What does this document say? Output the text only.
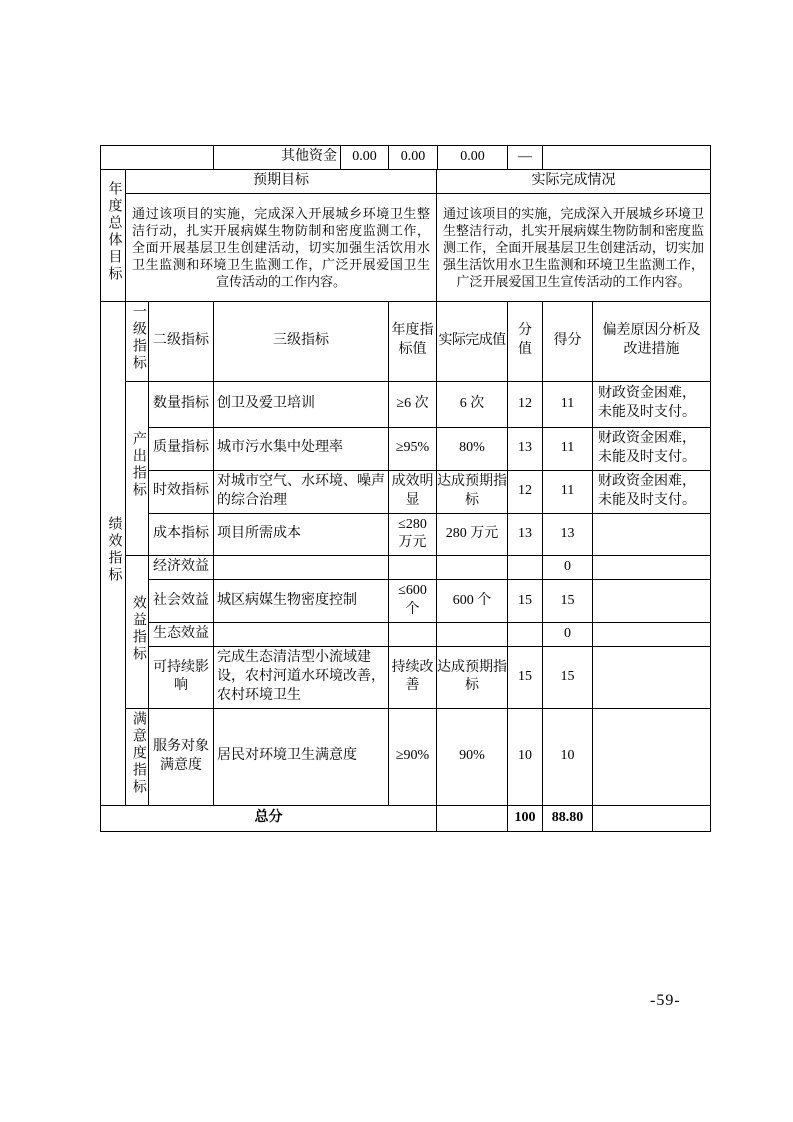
	其他资金	0.00	0.00	0.00	—	
年度总体目标	预期目标				实际完成情况			
	通过该项目的实施，完成深入开展城乡环境卫生整洁行动，扎实开展病媒生物防制和密度监测工作，全面开展基层卫生创建活动，切实加强生活饮用水卫生监测和环境卫生监测工作，广泛开展爱国卫生宣传活动的工作内容。				通过该项目的实施，完成深入开展城乡环境卫生整洁行动，扎实开展病媒生物防制和密度监测工作，全面开展基层卫生创建活动，切实加强生活饮用水卫生监测和环境卫生监测工作，广泛开展爱国卫生宣传活动的工作内容。			
绩效指标	一级指标	二级指标	三级指标	年度指标值	实际完成值	分值	得分	偏差原因分析及改进措施
	产出指标	数量指标	创卫及爱卫培训	≥6 次	6 次	12	11	财政资金困难，未能及时支付。
		质量指标	城市污水集中处理率	≥95%	80%	13	11	财政资金困难，未能及时支付。
		时效指标	对城市空气、水环境、噪声的综合治理	成效明显	达成预期指标	12	11	财政资金困难，未能及时支付。
		成本指标	项目所需成本	≤280 万元	280 万元	13	13	
	效益指标	经济效益					0	
		社会效益	城区病媒生物密度控制	≤600 个	600 个	15	15	
		生态效益					0	
		可持续影响	完成生态清洁型小流域建设，农村河道水环境改善，农村环境卫生	持续改善	达成预期指标	15	15	
	满意度指标	服务对象满意度	居民对环境卫生满意度	≥90%	90%	10	10	
总分						100	88.80	
-59-
